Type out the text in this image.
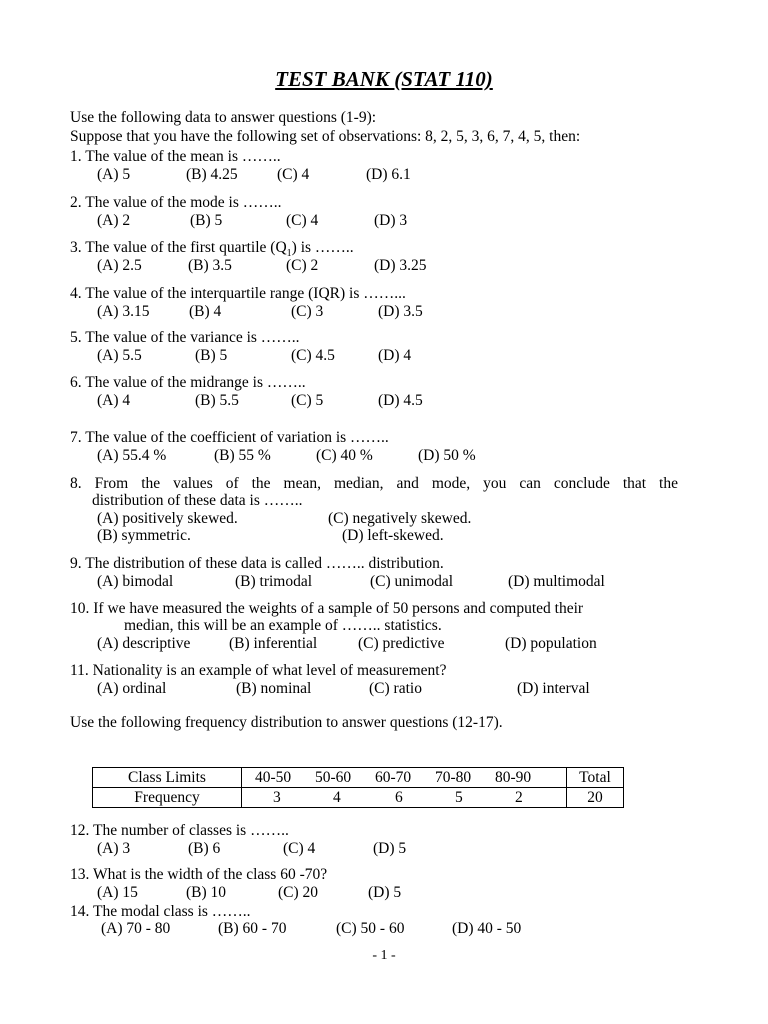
TEST BANK (STAT 110)
Use the following data to answer questions (1-9):
Suppose that you have the following set of observations: 8, 2, 5, 3, 6, 7, 4, 5, then:
1. The value of the mean is ……..
(A) 5	(B) 4.25	(C) 4	(D) 6.1
2. The value of the mode is ……..
(A) 2	(B) 5	(C) 4	(D) 3
3. The value of the first quartile $(Q_1)$ is ……..
(A) 2.5	(B) 3.5	(C) 2	(D) 3.25
4. The value of the interquartile range (IQR) is ……...
(A) 3.15	(B) 4	(C) 3	(D) 3.5
5. The value of the variance is ……..
(A) 5.5	(B) 5	(C) 4.5	(D) 4
6. The value of the midrange is ……..
(A) 4	(B) 5.5	(C) 5	(D) 4.5
7. The value of the coefficient of variation is ……..
(A) 55.4 %	(B) 55 %	(C) 40 %	(D) 50 %
8. From the values of the mean, median, and mode, you can conclude that the
distribution of these data is ……..
(A) positively skewed.	(C) negatively skewed.
(B) symmetric.	(D) left-skewed.
9. The distribution of these data is called …….. distribution.
(A) bimodal	(B) trimodal	(C) unimodal	(D) multimodal
10. If we have measured the weights of a sample of 50 persons and computed their
median, this will be an example of …….. statistics.
(A) descriptive (B) inferential	(C) predictive	(D) population
11. Nationality is an example of what level of measurement?
(A) ordinal	(B) nominal	(C) ratio	(D) interval
Use the following frequency distribution to answer questions (12-17).
Class Limits	40-50 50-60 60-70 70-80 80-90	Total
Frequency	3 4 6 5 2	20
12. The number of classes is ……..
(A) 3	(B) 6	(C) 4	(D) 5
13. What is the width of the class 60 -70?
(A) 15	(B) 10	(C) 20	(D) 5
14. The modal class is ……..
(A) 70 - 80	(B) 60 - 70	(C) 50 - 60	(D) 40 - 50
- 1 -
